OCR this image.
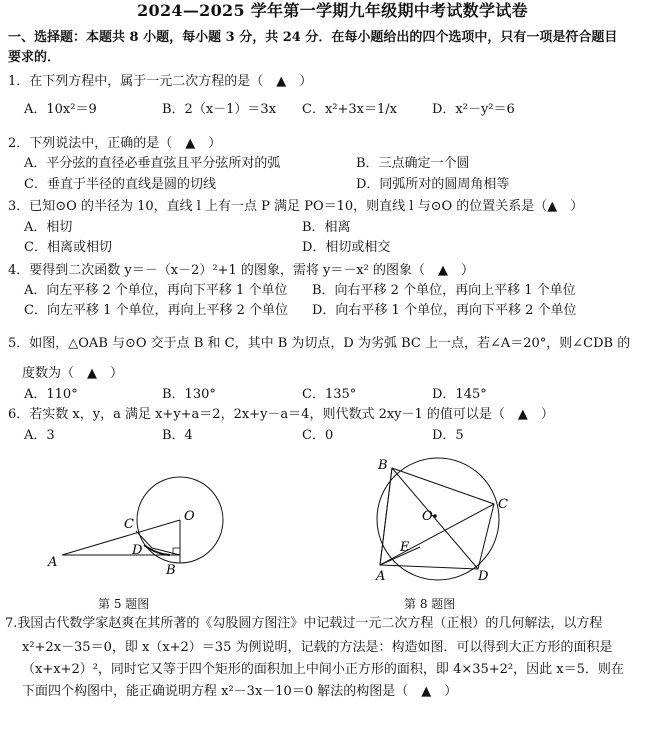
2024—2025 学年第一学期九年级期中考试数学试卷
一、选择题：本题共 8 小题，每小题 3 分，共 24 分．在每小题给出的四个选项中，只有一项是符合题目
要求的．
1．在下列方程中，属于一元二次方程的是（　▲　）
A．10x²＝9	B．2（x－1）＝3x C．x²+3x＝1/x	D．x²－y²＝6
2．下列说法中，正确的是（　▲　）
A．平分弦的直径必垂直弦且平分弦所对的弧	B．三点确定一个圆
C．垂直于半径的直线是圆的切线	D．同弧所对的圆周角相等
3．已知⊙O 的半径为 10，直线 l 上有一点 P 满足 PO＝10，则直线 l 与⊙O 的位置关系是（▲　）
A．相切	B．相离
C．相离或相切	D．相切或相交
4．要得到二次函数 y＝－（x－2）²+1 的图象，需将 y＝－x² 的图象（　▲　）
A．向左平移 2 个单位，再向下平移 1 个单位 B．向右平移 2 个单位，再向上平移 1 个单位
C．向左平移 1 个单位，再向上平移 2 个单位 D．向右平移 1 个单位，再向下平移 2 个单位
5．如图，△OAB 与⊙O 交于点 B 和 C，其中 B 为切点，D 为劣弧 BC 上一点，若∠A＝20°，则∠CDB 的
度数为（　▲　）
A．110°	B．130°	C．135°	D．145°
6．若实数 x，y，a 满足 x+y+a＝2，2x+y－a＝4，则代数式 2xy－1 的值可以是（　▲　）
A．3	B．4	C．0	D．5
A
B
C
D
O
第 5 题图
B
C
D
A
E
O
第 8 题图
7.我国古代数学家赵爽在其所著的《勾股圆方图注》中记载过一元二次方程（正根）的几何解法，以方程
x²+2x－35＝0，即 x（x+2）＝35 为例说明，记载的方法是：构造如图．可以得到大正方形的面积是
（x+x+2）²，同时它又等于四个矩形的面积加上中间小正方形的面积，即 4×35+2²，因此 x＝5．则在
下面四个构图中，能正确说明方程 x²－3x－10＝0 解法的构图是（　▲　）
